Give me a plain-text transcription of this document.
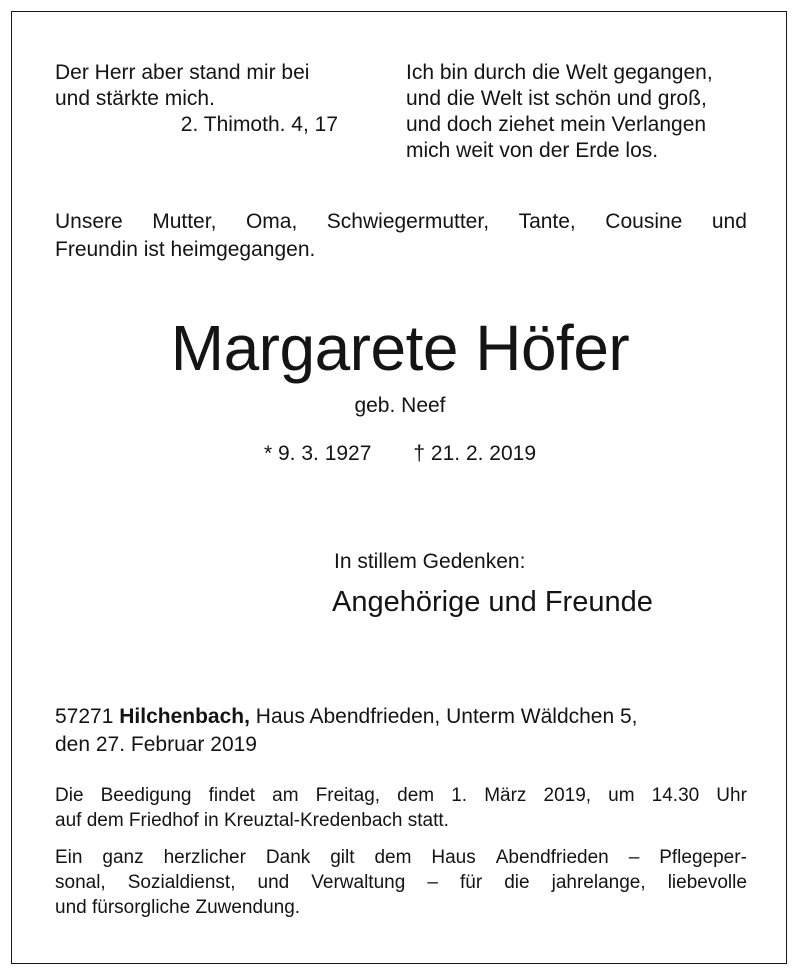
Der Herr aber stand mir bei
und stärkte mich.
2. Thimoth. 4, 17
Ich bin durch die Welt gegangen,
und die Welt ist schön und groß,
und doch ziehet mein Verlangen
mich weit von der Erde los.
Unsere Mutter, Oma, Schwiegermutter, Tante, Cousine und
Freundin ist heimgegangen.
Margarete Höfer
geb. Neef
* 9. 3. 1927 † 21. 2. 2019
In stillem Gedenken:
Angehörige und Freunde
57271 Hilchenbach, Haus Abendfrieden, Unterm Wäldchen 5,
den 27. Februar 2019
Die Beedigung findet am Freitag, dem 1. März 2019, um 14.30 Uhr
auf dem Friedhof in Kreuztal-Kredenbach statt.
Ein ganz herzlicher Dank gilt dem Haus Abendfrieden – Pflegeper-
sonal, Sozialdienst, und Verwaltung – für die jahrelange, liebevolle
und fürsorgliche Zuwendung.
